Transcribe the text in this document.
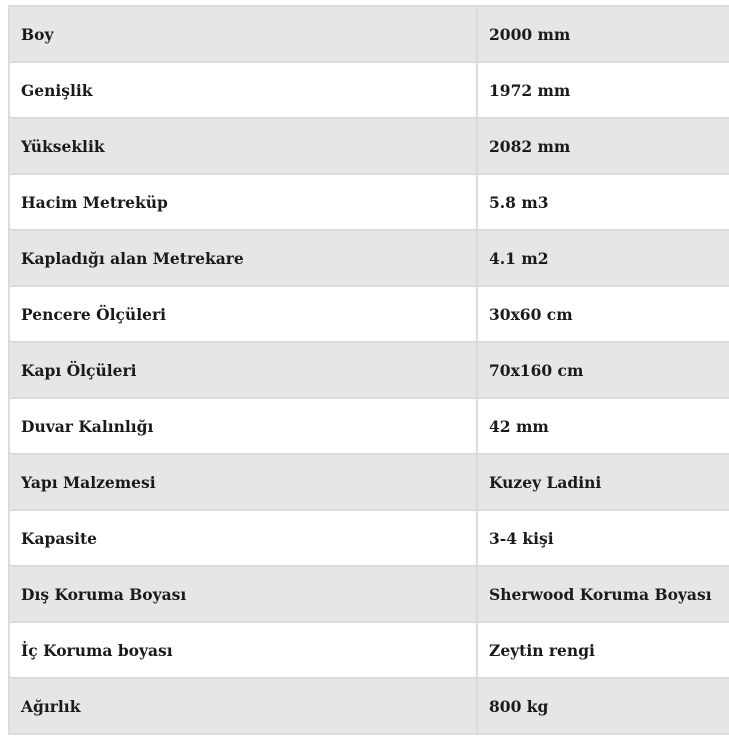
Boy	2000 mm
Genişlik	1972 mm
Yükseklik	2082 mm
Hacim Metreküp	5.8 m3
Kapladığı alan Metrekare	4.1 m2
Pencere Ölçüleri	30x60 cm
Kapı Ölçüleri	70x160 cm
Duvar Kalınlığı	42 mm
Yapı Malzemesi	Kuzey Ladini
Kapasite	3-4 kişi
Dış Koruma Boyası	Sherwood Koruma Boyası
İç Koruma boyası	Zeytin rengi
Ağırlık	800 kg
